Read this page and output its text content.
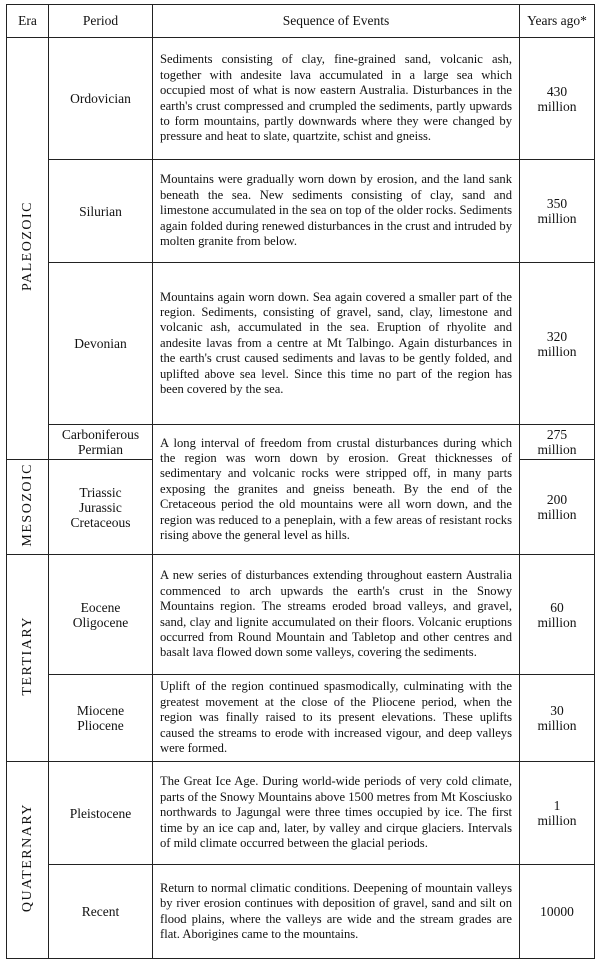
Era	Period	Sequence of Events	Years ago*
PALEOZOIC	Ordovician	Sediments consisting of clay, fine-grained sand, volcanic ash, together with andesite lava accumulated in a large sea which occupied most of what is now eastern Australia. Disturbances in the earth's crust compressed and crumpled the sediments, partly upwards to form mountains, partly downwards where they were changed by pressure and heat to slate, quartzite, schist and gneiss.	430
million

	Silurian	Mountains were gradually worn down by erosion, and the land sank beneath the sea. New sediments consisting of clay, sand and limestone accumulated in the sea on top of the older rocks. Sediments again folded during renewed disturbances in the crust and intruded by molten granite from below.	350
million

	Devonian	Mountains again worn down. Sea again covered a smaller part of the region. Sediments, consisting of gravel, sand, clay, limestone and volcanic ash, accumulated in the sea. Eruption of rhyolite and andesite lavas from a centre at Mt Talbingo. Again disturbances in the earth's crust caused sediments and lavas to be gently folded, and uplifted above sea level. Since this time no part of the region has been covered by the sea.	320
million

	Carboniferous
Permian	A long interval of freedom from crustal disturbances during which the region was worn down by erosion. Great thicknesses of sedimentary and volcanic rocks were stripped off, in many parts exposing the granites and gneiss beneath. By the end of the Cretaceous period the old mountains were all worn down, and the region was reduced to a peneplain, with a few areas of resistant rocks rising above the general level as hills.	275
million

MESOZOIC	Triassic
Jurassic
Cretaceous		200
million

TERTIARY	Eocene
Oligocene	A new series of disturbances extending throughout eastern Australia commenced to arch upwards the earth's crust in the Snowy Mountains region. The streams eroded broad valleys, and gravel, sand, clay and lignite accumulated on their floors. Volcanic eruptions occurred from Round Mountain and Tabletop and other centres and basalt lava flowed down some valleys, covering the sediments.	60
million

	Miocene
Pliocene	Uplift of the region continued spasmodically, culminating with the greatest movement at the close of the Pliocene period, when the region was finally raised to its present elevations. These uplifts caused the streams to erode with increased vigour, and deep valleys were formed.	30
million

QUATERNARY	Pleistocene	The Great Ice Age. During world-wide periods of very cold climate, parts of the Snowy Mountains above 1500 metres from Mt Kosciusko northwards to Jagungal were three times occupied by ice. The first time by an ice cap and, later, by valley and cirque glaciers. Intervals of mild climate occurred between the glacial periods.	1
million

	Recent	Return to normal climatic conditions. Deepening of mountain valleys by river erosion continues with deposition of gravel, sand and silt on flood plains, where the valleys are wide and the stream grades are flat. Aborigines came to the mountains.	10000
